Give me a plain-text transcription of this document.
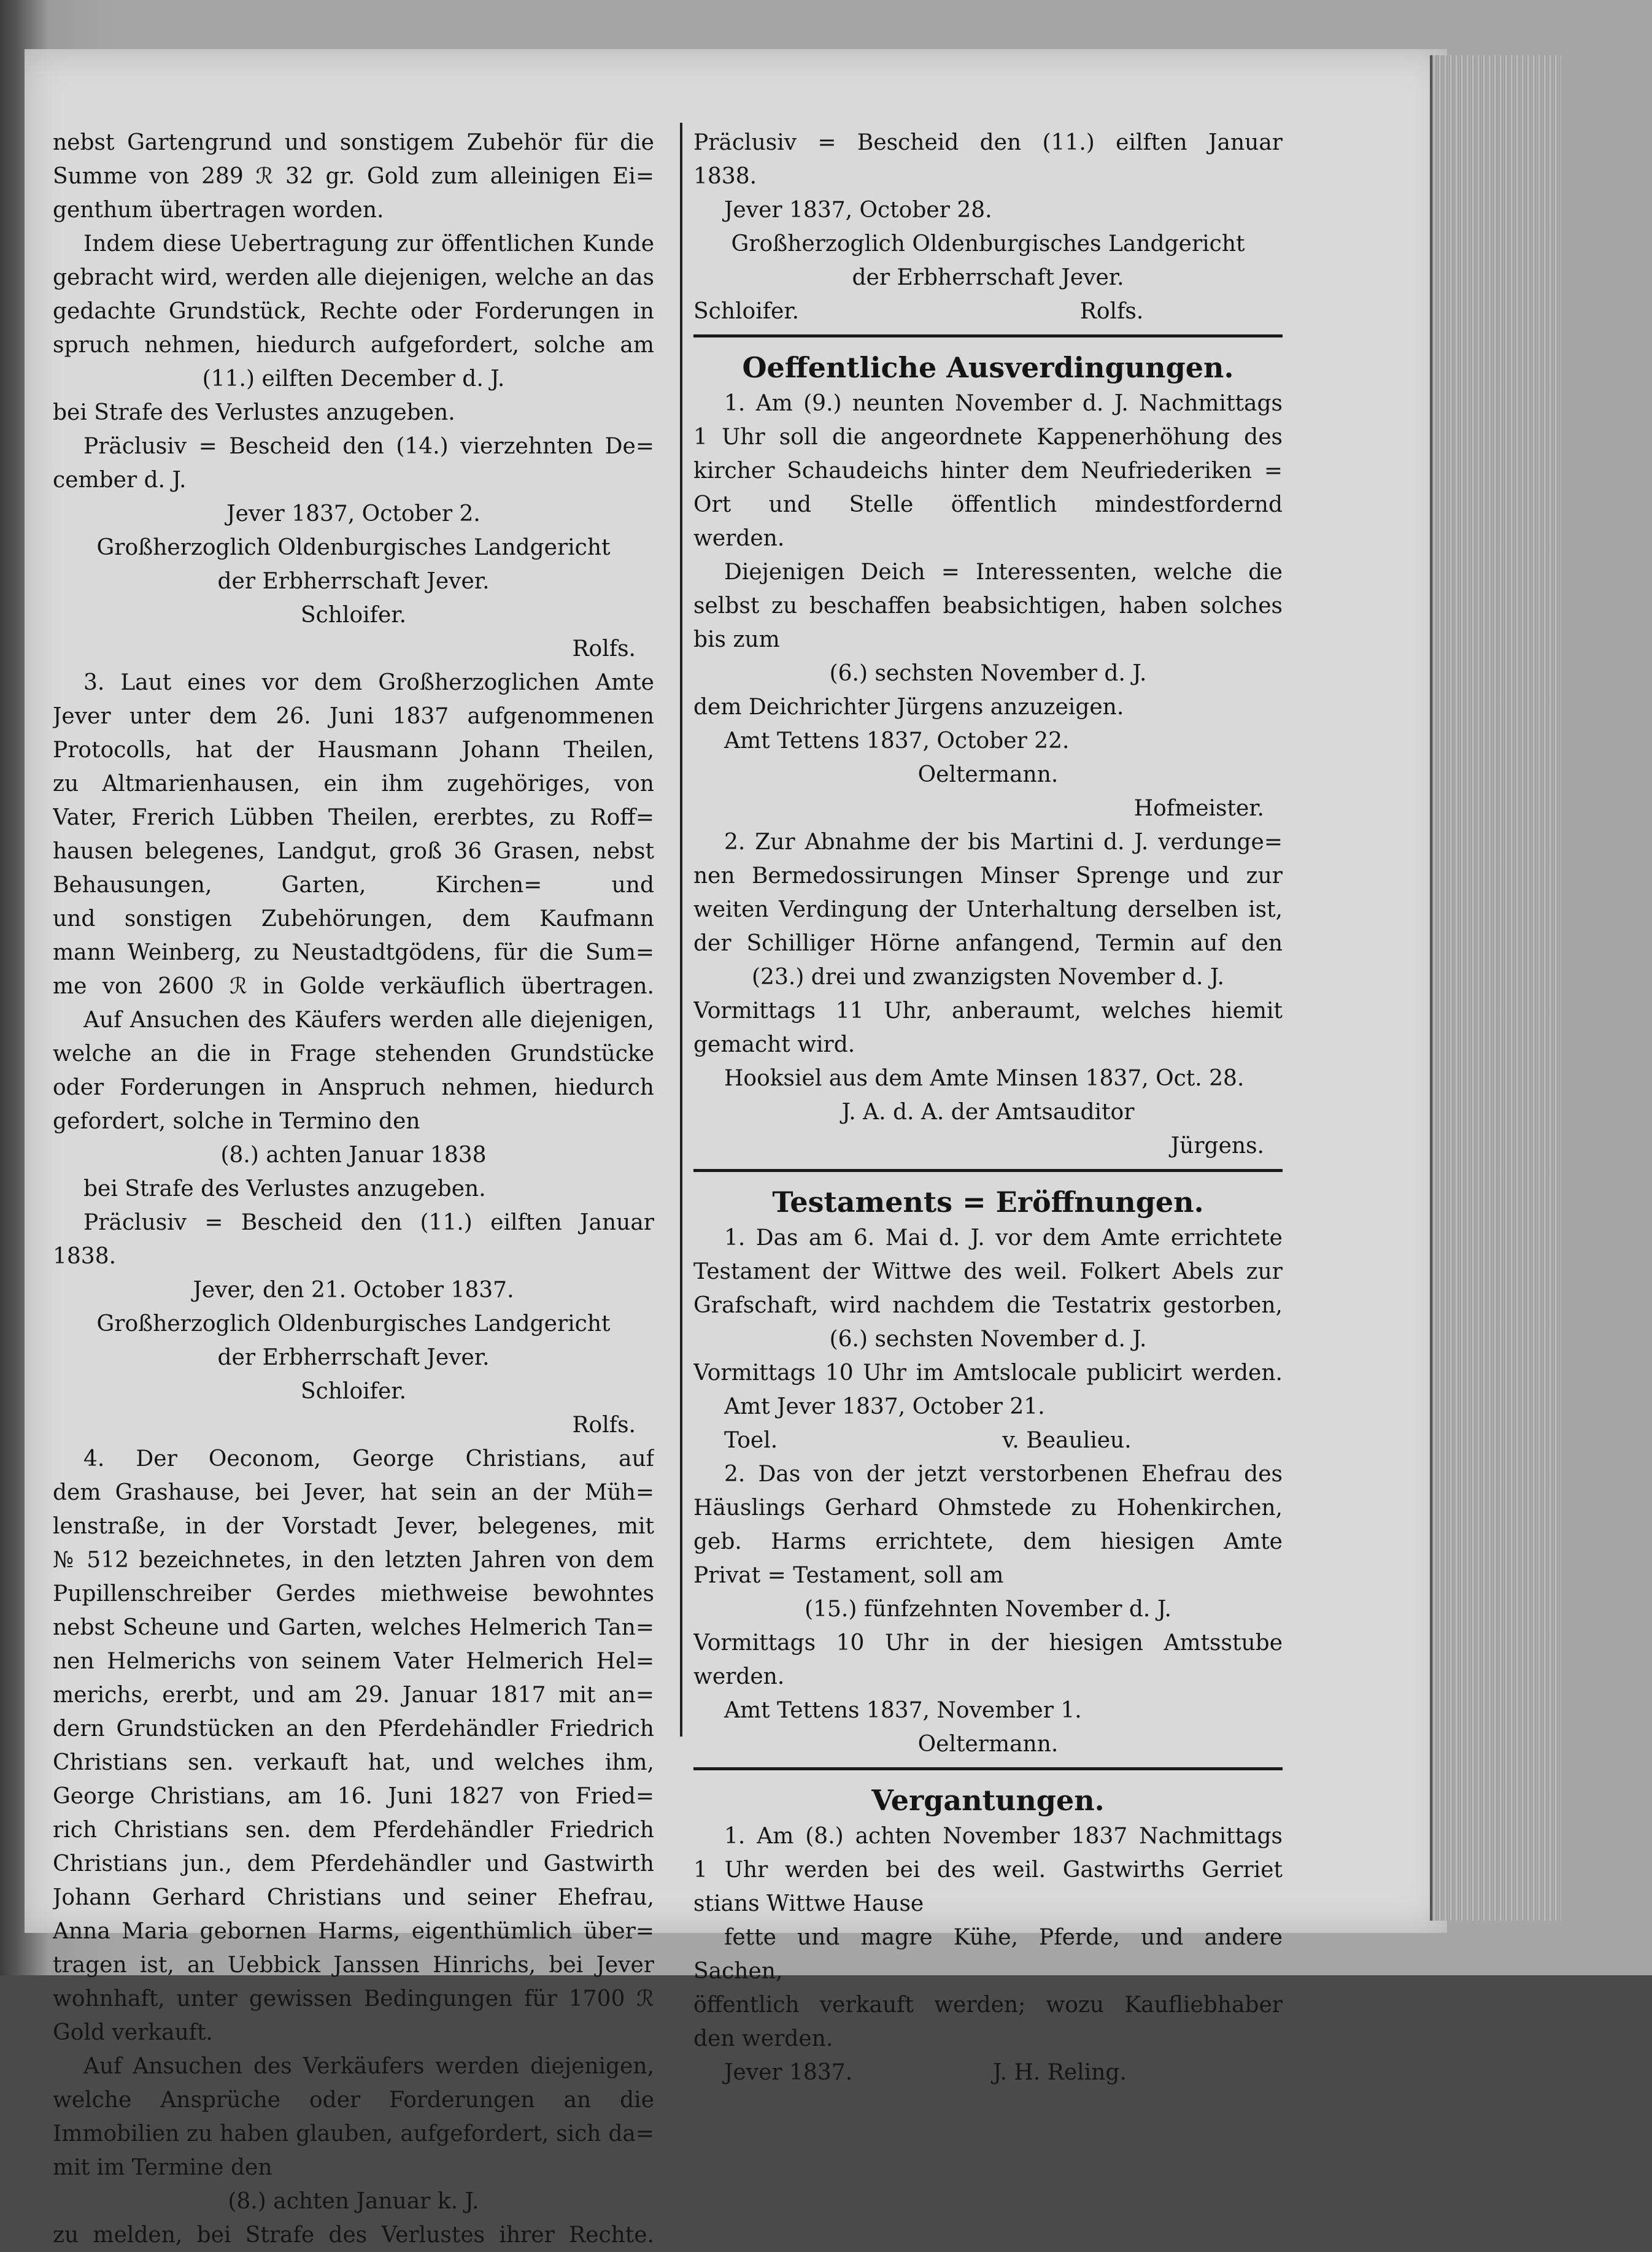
nebst Gartengrund und sonstigem Zubehör für die
Summe von 289 ℛ 32 gr. Gold zum alleinigen Ei=
genthum übertragen worden.
Indem diese Uebertragung zur öffentlichen Kunde
gebracht wird, werden alle diejenigen, welche an das
gedachte Grundstück, Rechte oder Forderungen in
spruch nehmen, hiedurch aufgefordert, solche am
(11.) eilften December d. J.
bei Strafe des Verlustes anzugeben.
Präclusiv = Bescheid den (14.) vierzehnten De=
cember d. J.
Jever 1837, October 2.
Großherzoglich Oldenburgisches Landgericht
der Erbherrschaft Jever.
Schloifer.
Rolfs.
3. Laut eines vor dem Großherzoglichen Amte
Jever unter dem 26. Juni 1837 aufgenommenen
Protocolls, hat der Hausmann Johann Theilen,
zu Altmarienhausen, ein ihm zugehöriges, von
Vater, Frerich Lübben Theilen, ererbtes, zu Roff=
hausen belegenes, Landgut, groß 36 Grasen, nebst
Behausungen, Garten, Kirchen= und
und sonstigen Zubehörungen, dem Kaufmann
mann Weinberg, zu Neustadtgödens, für die Sum=
me von 2600 ℛ in Golde verkäuflich übertragen.
Auf Ansuchen des Käufers werden alle diejenigen,
welche an die in Frage stehenden Grundstücke
oder Forderungen in Anspruch nehmen, hiedurch
gefordert, solche in Termino den
(8.) achten Januar 1838
bei Strafe des Verlustes anzugeben.
Präclusiv = Bescheid den (11.) eilften Januar
1838.
Jever, den 21. October 1837.
Großherzoglich Oldenburgisches Landgericht
der Erbherrschaft Jever.
Schloifer.
Rolfs.
4. Der Oeconom, George Christians, auf
dem Grashause, bei Jever, hat sein an der Müh=
lenstraße, in der Vorstadt Jever, belegenes, mit
№ 512 bezeichnetes, in den letzten Jahren von dem
Pupillenschreiber Gerdes miethweise bewohntes
nebst Scheune und Garten, welches Helmerich Tan=
nen Helmerichs von seinem Vater Helmerich Hel=
merichs, ererbt, und am 29. Januar 1817 mit an=
dern Grundstücken an den Pferdehändler Friedrich
Christians sen. verkauft hat, und welches ihm,
George Christians, am 16. Juni 1827 von Fried=
rich Christians sen. dem Pferdehändler Friedrich
Christians jun., dem Pferdehändler und Gastwirth
Johann Gerhard Christians und seiner Ehefrau,
Anna Maria gebornen Harms, eigenthümlich über=
tragen ist, an Uebbick Janssen Hinrichs, bei Jever
wohnhaft, unter gewissen Bedingungen für 1700 ℛ
Gold verkauft.
Auf Ansuchen des Verkäufers werden diejenigen,
welche Ansprüche oder Forderungen an die
Immobilien zu haben glauben, aufgefordert, sich da=
mit im Termine den
(8.) achten Januar k. J.
zu melden, bei Strafe des Verlustes ihrer Rechte.
Präclusiv = Bescheid den (11.) eilften Januar
1838.
Jever 1837, October 28.
Großherzoglich Oldenburgisches Landgericht
der Erbherrschaft Jever.
Schloifer.                                        Rolfs.
Oeffentliche Ausverdingungen.
1. Am (9.) neunten November d. J. Nachmittags
1 Uhr soll die angeordnete Kappenerhöhung des
kircher Schaudeichs hinter dem Neufriederiken =
Ort und Stelle öffentlich mindestfordernd
werden.
Diejenigen Deich = Interessenten, welche die
selbst zu beschaffen beabsichtigen, haben solches
bis zum
(6.) sechsten November d. J.
dem Deichrichter Jürgens anzuzeigen.
Amt Tettens 1837, October 22.
Oeltermann.
Hofmeister.
2. Zur Abnahme der bis Martini d. J. verdunge=
nen Bermedossirungen Minser Sprenge und zur
weiten Verdingung der Unterhaltung derselben ist,
der Schilliger Hörne anfangend, Termin auf den
(23.) drei und zwanzigsten November d. J.
Vormittags 11 Uhr, anberaumt, welches hiemit
gemacht wird.
Hooksiel aus dem Amte Minsen 1837, Oct. 28.
J. A. d. A. der Amtsauditor
Jürgens.
Testaments = Eröffnungen.
1. Das am 6. Mai d. J. vor dem Amte errichtete
Testament der Wittwe des weil. Folkert Abels zur
Grafschaft, wird nachdem die Testatrix gestorben,
(6.) sechsten November d. J.
Vormittags 10 Uhr im Amtslocale publicirt werden.
Amt Jever 1837, October 21.
Toel.                                v. Beaulieu.
2. Das von der jetzt verstorbenen Ehefrau des
Häuslings Gerhard Ohmstede zu Hohenkirchen,
geb. Harms errichtete, dem hiesigen Amte
Privat = Testament, soll am
(15.) fünfzehnten November d. J.
Vormittags 10 Uhr in der hiesigen Amtsstube
werden.
Amt Tettens 1837, November 1.
Oeltermann.
Vergantungen.
1. Am (8.) achten November 1837 Nachmittags
1 Uhr werden bei des weil. Gastwirths Gerriet
stians Wittwe Hause
fette und magre Kühe, Pferde, und andere
Sachen,
öffentlich verkauft werden; wozu Kaufliebhaber
den werden.
Jever 1837.                    J. H. Reling.
